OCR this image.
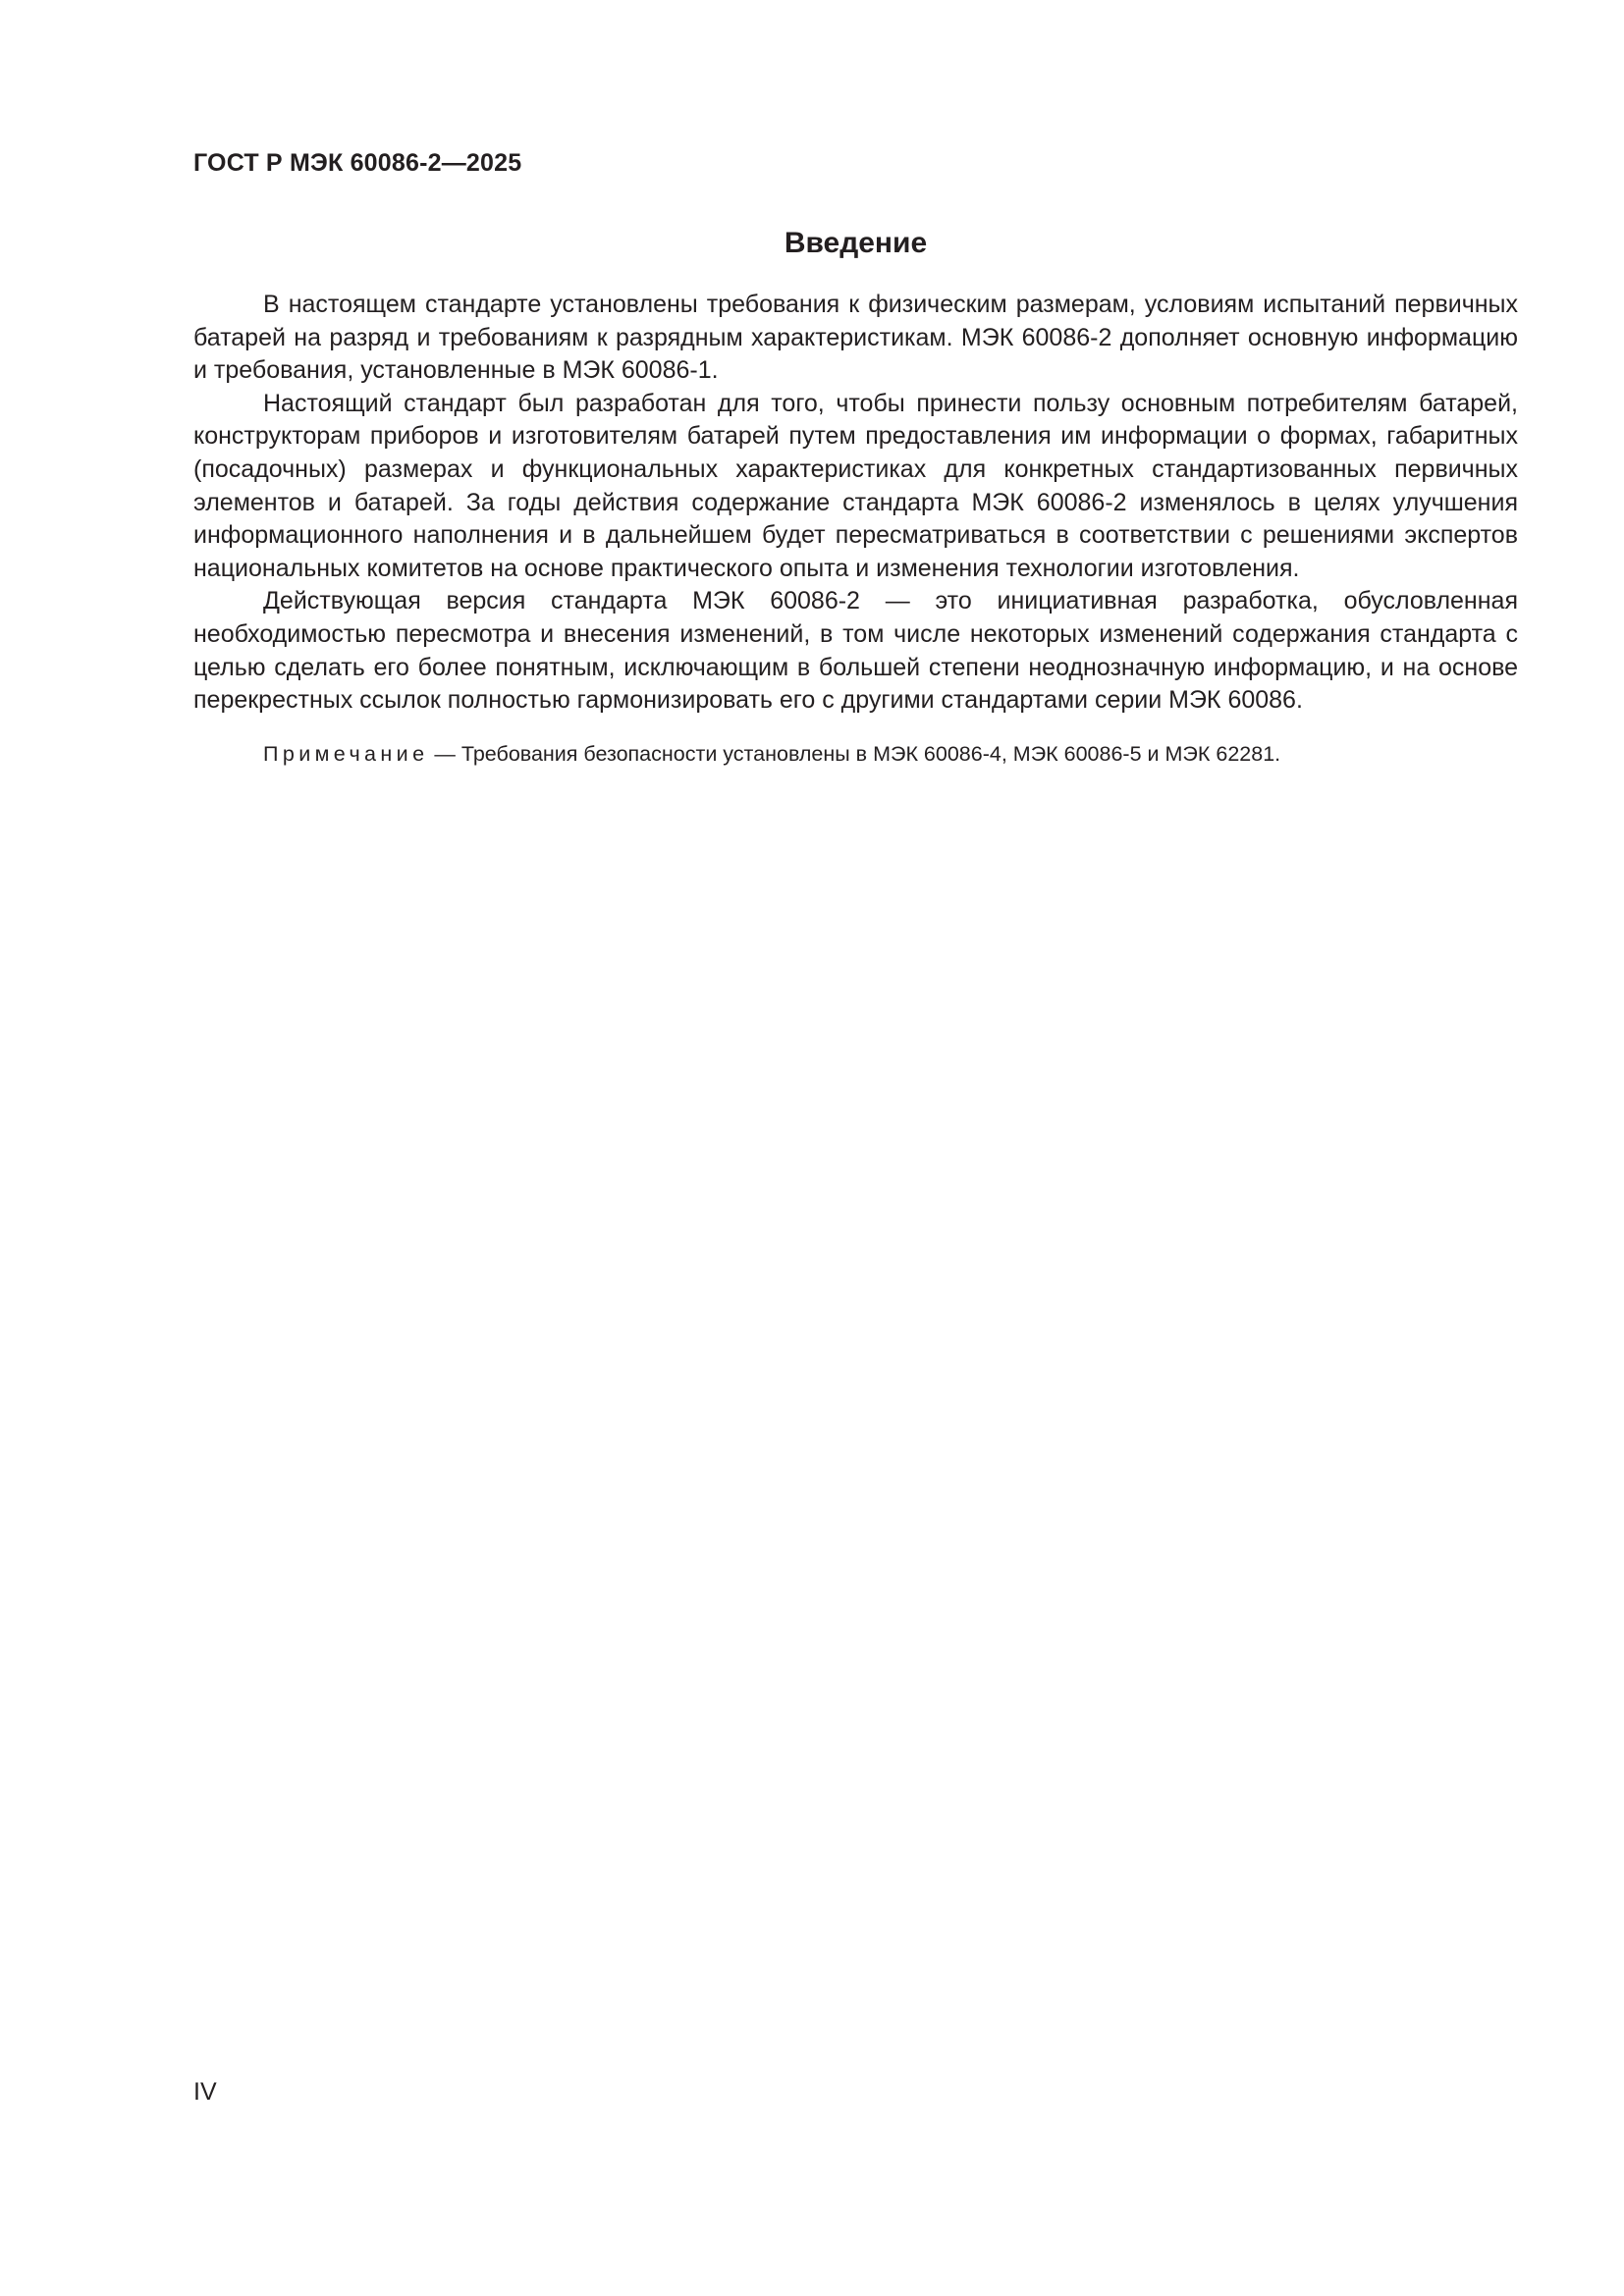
ГОСТ Р МЭК 60086-2—2025
Введение

В настоящем стандарте установлены требования к физическим размерам, условиям испытаний первичных батарей на разряд и требованиям к разрядным характеристикам. МЭК 60086-2 дополняет основную информацию и требования, установленные в МЭК 60086-1.

Настоящий стандарт был разработан для того, чтобы принести пользу основным потребителям батарей, конструкторам приборов и изготовителям батарей путем предоставления им информации о формах, габаритных (посадочных) размерах и функциональных характеристиках для конкретных стандартизованных первичных элементов и батарей. За годы действия содержание стандарта МЭК 60086-2 изменялось в целях улучшения информационного наполнения и в дальнейшем будет пересматриваться в соответствии с решениями экспертов национальных комитетов на основе практического опыта и изменения технологии изготовления.

Действующая версия стандарта МЭК 60086-2 — это инициативная разработка, обусловленная необходимостью пересмотра и внесения изменений, в том числе некоторых изменений содержания стандарта с целью сделать его более понятным, исключающим в большей степени неоднозначную информацию, и на основе перекрестных ссылок полностью гармонизировать его с другими стандартами серии МЭК 60086.

Примечание — Требования безопасности установлены в МЭК 60086-4, МЭК 60086-5 и МЭК 62281.
IV
